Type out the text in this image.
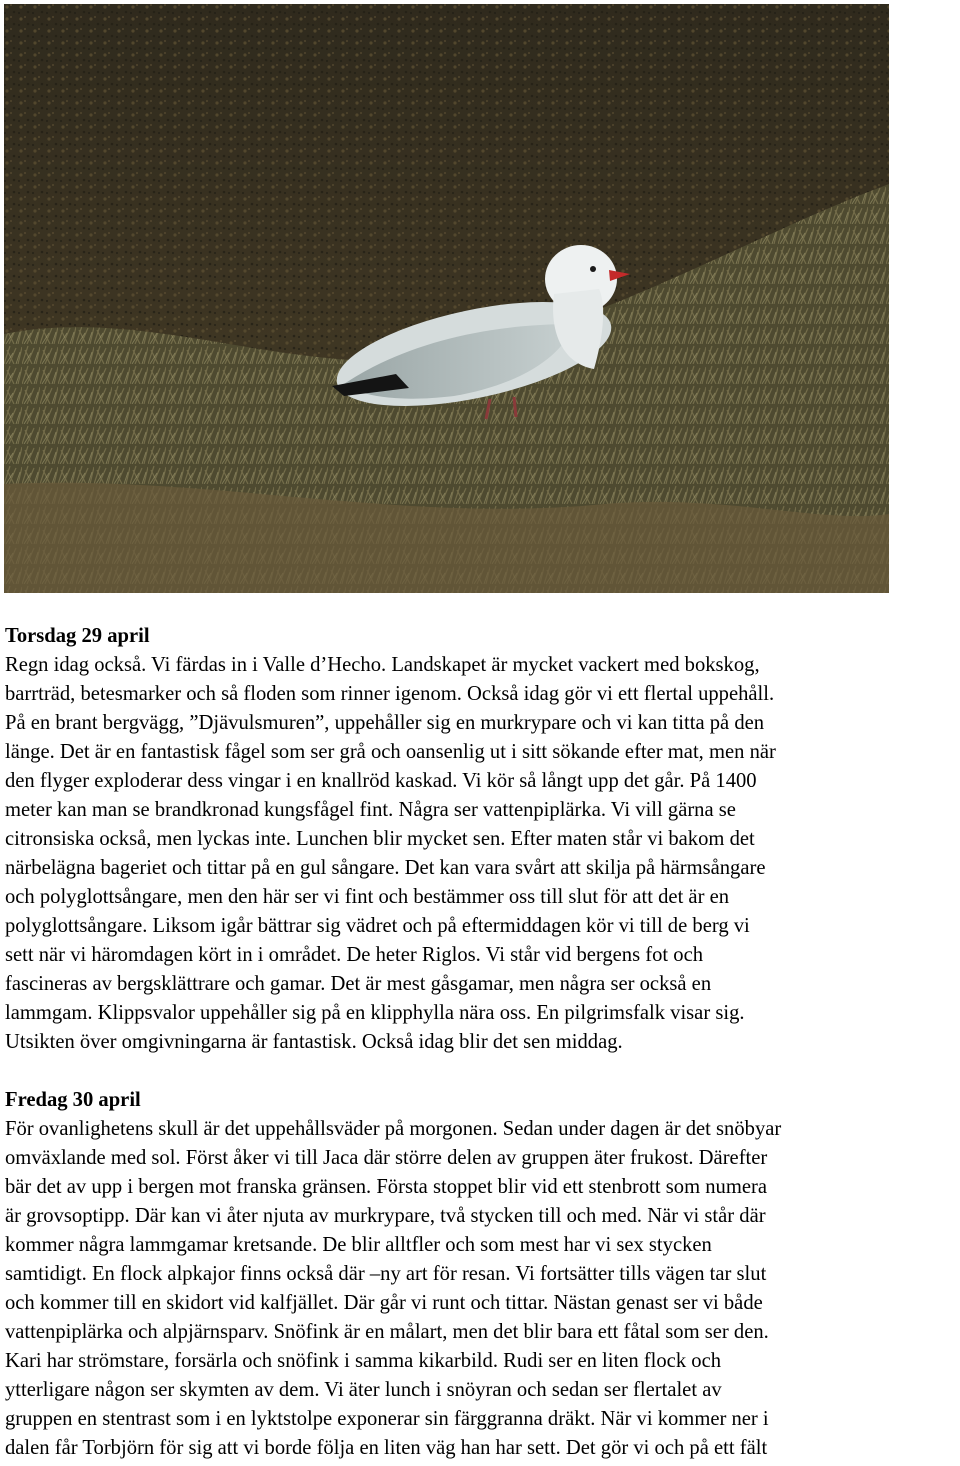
Torsdag 29 april

Regn idag också. Vi färdas in i Valle d’Hecho. Landskapet är mycket vackert med bokskog,

barrträd, betesmarker och så floden som rinner igenom. Också idag gör vi ett flertal uppehåll.

På en brant bergvägg, ”Djävulsmuren”, uppehåller sig en murkrypare och vi kan titta på den

länge. Det är en fantastisk fågel som ser grå och oansenlig ut i sitt sökande efter mat, men när

den flyger exploderar dess vingar i en knallröd kaskad. Vi kör så långt upp det går. På 1400

meter kan man se brandkronad kungsfågel fint. Några ser vattenpiplärka. Vi vill gärna se

citronsiska också, men lyckas inte. Lunchen blir mycket sen. Efter maten står vi bakom det

närbelägna bageriet och tittar på en gul sångare. Det kan vara svårt att skilja på härmsångare

och polyglottsångare, men den här ser vi fint och bestämmer oss till slut för att det är en

polyglottsångare. Liksom igår bättrar sig vädret och på eftermiddagen kör vi till de berg vi

sett när vi häromdagen kört in i området. De heter Riglos. Vi står vid bergens fot och

fascineras av bergsklättrare och gamar. Det är mest gåsgamar, men några ser också en

lammgam. Klippsvalor uppehåller sig på en klipphylla nära oss. En pilgrimsfalk visar sig.

Utsikten över omgivningarna är fantastisk. Också idag blir det sen middag.

Fredag 30 april

För ovanlighetens skull är det uppehållsväder på morgonen. Sedan under dagen är det snöbyar

omväxlande med sol. Först åker vi till Jaca där större delen av gruppen äter frukost. Därefter

bär det av upp i bergen mot franska gränsen. Första stoppet blir vid ett stenbrott som numera

är grovsoptipp. Där kan vi åter njuta av murkrypare, två stycken till och med. När vi står där

kommer några lammgamar kretsande. De blir alltfler och som mest har vi sex stycken

samtidigt. En flock alpkajor finns också där –ny art för resan. Vi fortsätter tills vägen tar slut

och kommer till en skidort vid kalfjället. Där går vi runt och tittar. Nästan genast ser vi både

vattenpiplärka och alpjärnsparv. Snöfink är en målart, men det blir bara ett fåtal som ser den.

Kari har strömstare, forsärla och snöfink i samma kikarbild. Rudi ser en liten flock och

ytterligare någon ser skymten av dem. Vi äter lunch i snöyran och sedan ser flertalet av

gruppen en stentrast som i en lyktstolpe exponerar sin färggranna dräkt. När vi kommer ner i

dalen får Torbjörn för sig att vi borde följa en liten väg han har sett. Det gör vi och på ett fält
